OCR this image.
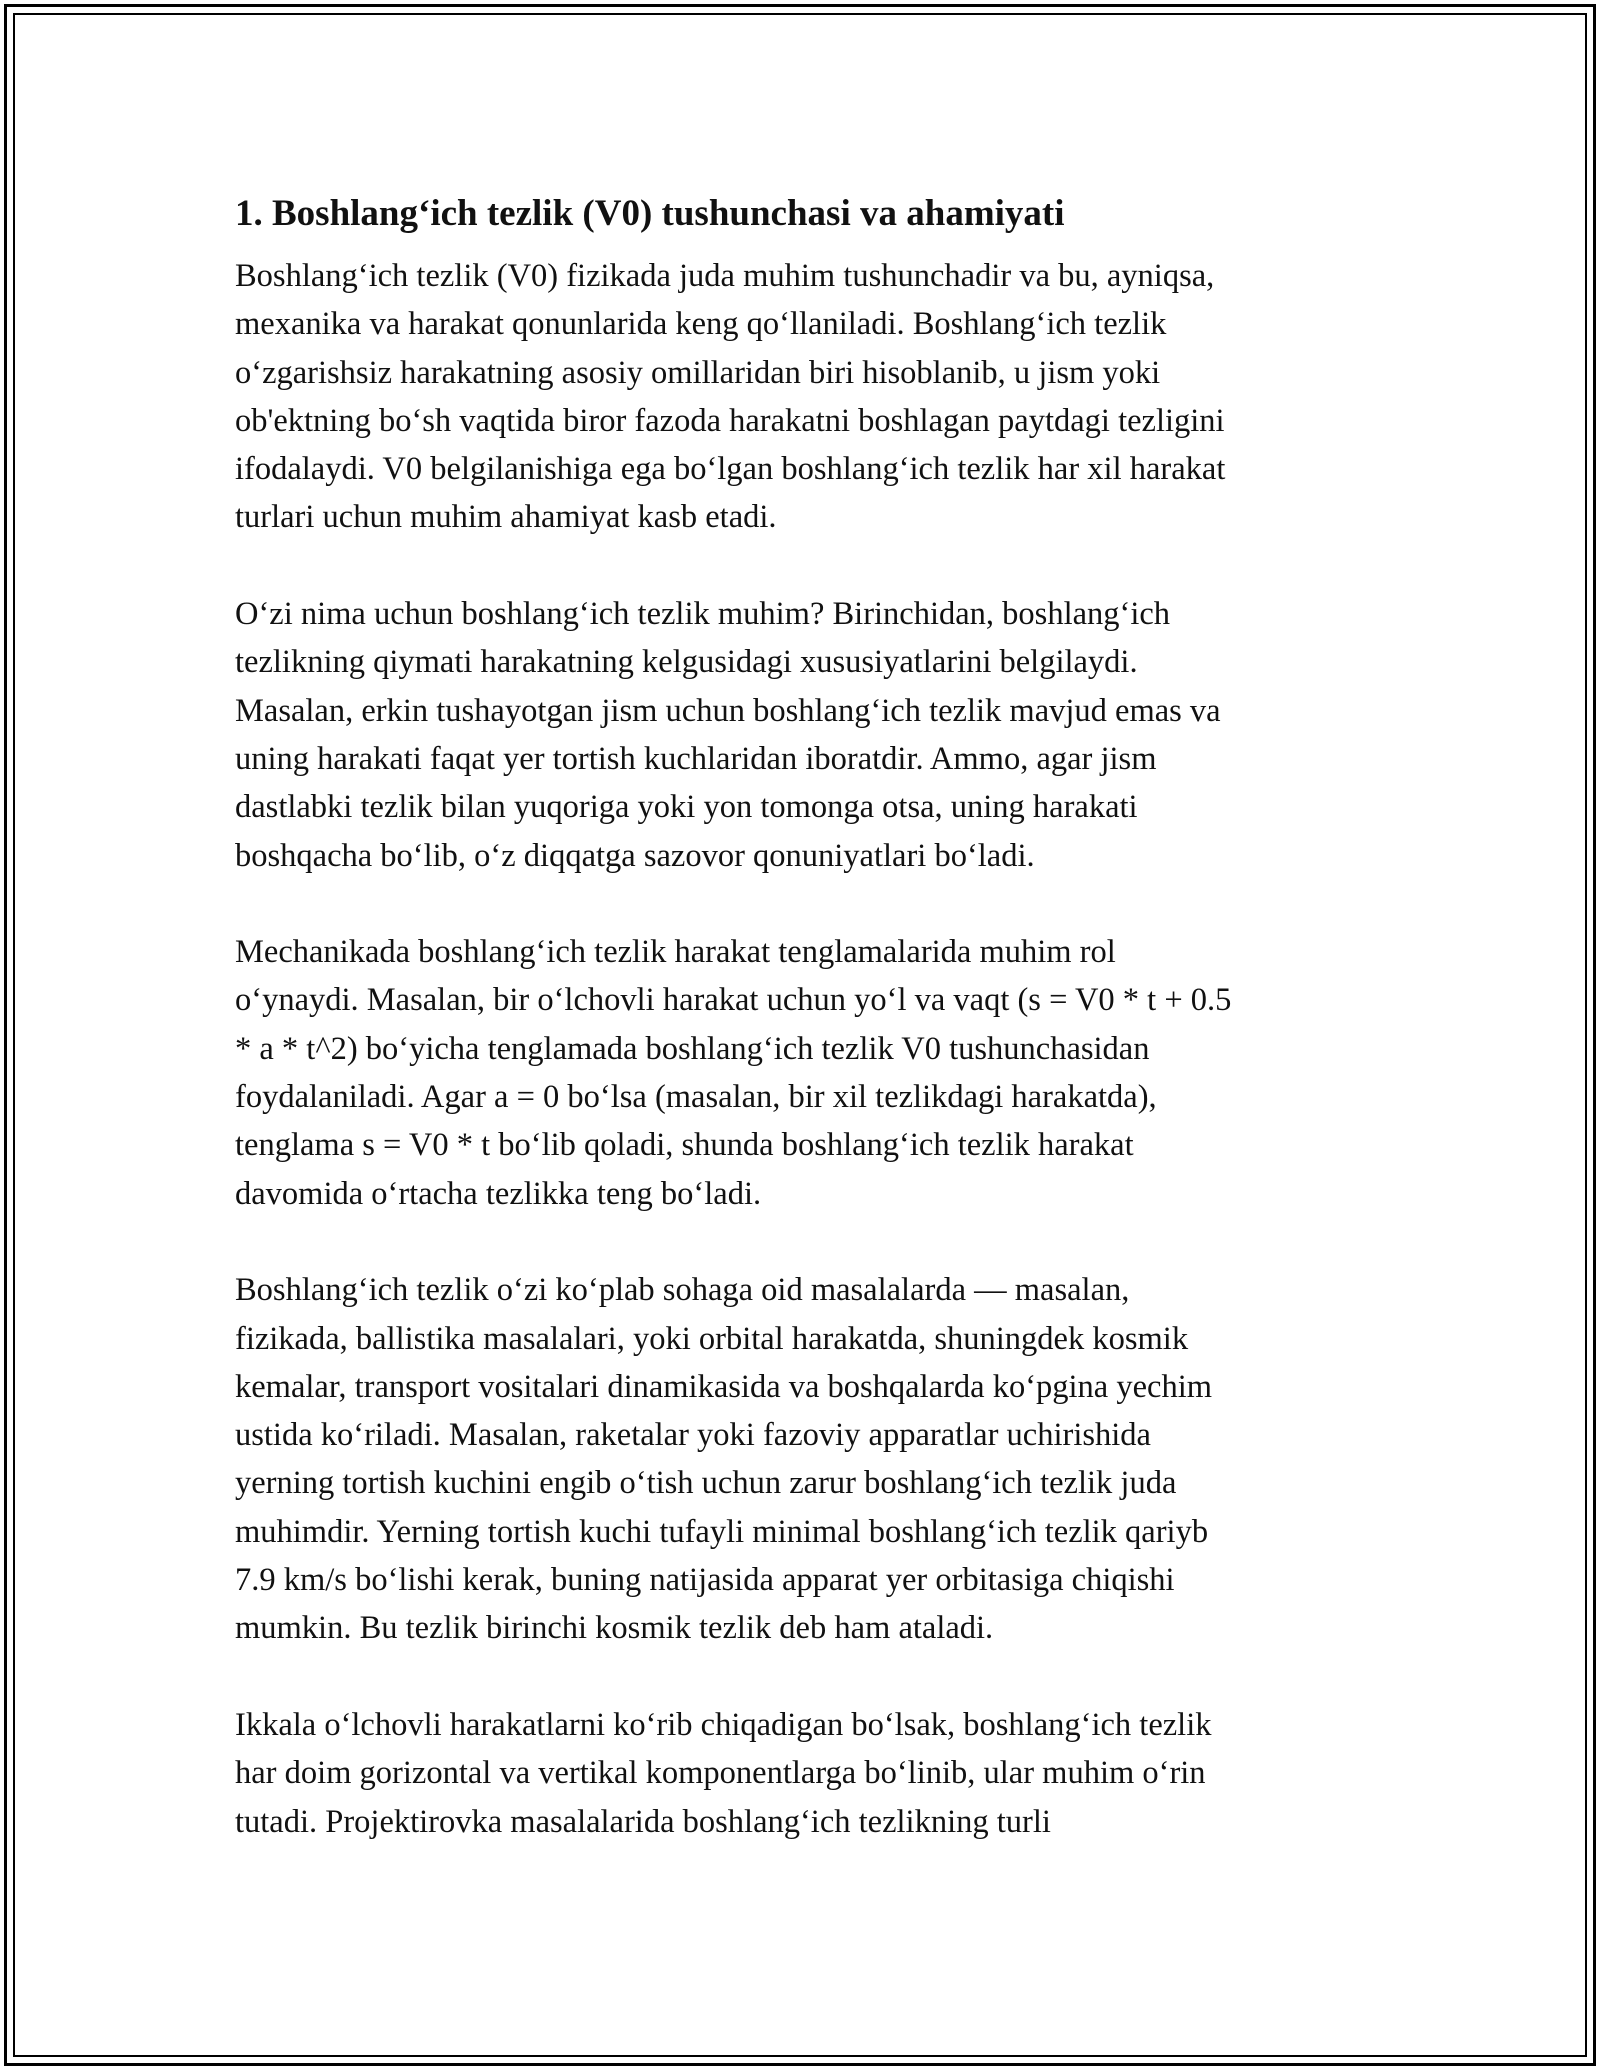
1. Boshlang‘ich tezlik (V0) tushunchasi va ahamiyati

Boshlang‘ich tezlik (V0) fizikada juda muhim tushunchadir va bu, ayniqsa,
mexanika va harakat qonunlarida keng qo‘llaniladi. Boshlang‘ich tezlik
o‘zgarishsiz harakatning asosiy omillaridan biri hisoblanib, u jism yoki
ob'ektning bo‘sh vaqtida biror fazoda harakatni boshlagan paytdagi tezligini
ifodalaydi. V0 belgilanishiga ega bo‘lgan boshlang‘ich tezlik har xil harakat
turlari uchun muhim ahamiyat kasb etadi.

O‘zi nima uchun boshlang‘ich tezlik muhim? Birinchidan, boshlang‘ich
tezlikning qiymati harakatning kelgusidagi xususiyatlarini belgilaydi.
Masalan, erkin tushayotgan jism uchun boshlang‘ich tezlik mavjud emas va
uning harakati faqat yer tortish kuchlaridan iboratdir. Ammo, agar jism
dastlabki tezlik bilan yuqoriga yoki yon tomonga otsa, uning harakati
boshqacha bo‘lib, o‘z diqqatga sazovor qonuniyatlari bo‘ladi.

Mechanikada boshlang‘ich tezlik harakat tenglamalarida muhim rol
o‘ynaydi. Masalan, bir o‘lchovli harakat uchun yo‘l va vaqt (s = V0 * t + 0.5
* a * t^2) bo‘yicha tenglamada boshlang‘ich tezlik V0 tushunchasidan
foydalaniladi. Agar a = 0 bo‘lsa (masalan, bir xil tezlikdagi harakatda),
tenglama s = V0 * t bo‘lib qoladi, shunda boshlang‘ich tezlik harakat
davomida o‘rtacha tezlikka teng bo‘ladi.

Boshlang‘ich tezlik o‘zi ko‘plab sohaga oid masalalarda — masalan,
fizikada, ballistika masalalari, yoki orbital harakatda, shuningdek kosmik
kemalar, transport vositalari dinamikasida va boshqalarda ko‘pgina yechim
ustida ko‘riladi. Masalan, raketalar yoki fazoviy apparatlar uchirishida
yerning tortish kuchini engib o‘tish uchun zarur boshlang‘ich tezlik juda
muhimdir. Yerning tortish kuchi tufayli minimal boshlang‘ich tezlik qariyb
7.9 km/s bo‘lishi kerak, buning natijasida apparat yer orbitasiga chiqishi
mumkin. Bu tezlik birinchi kosmik tezlik deb ham ataladi.

Ikkala o‘lchovli harakatlarni ko‘rib chiqadigan bo‘lsak, boshlang‘ich tezlik
har doim gorizontal va vertikal komponentlarga bo‘linib, ular muhim o‘rin
tutadi. Projektirovka masalalarida boshlang‘ich tezlikning turli
